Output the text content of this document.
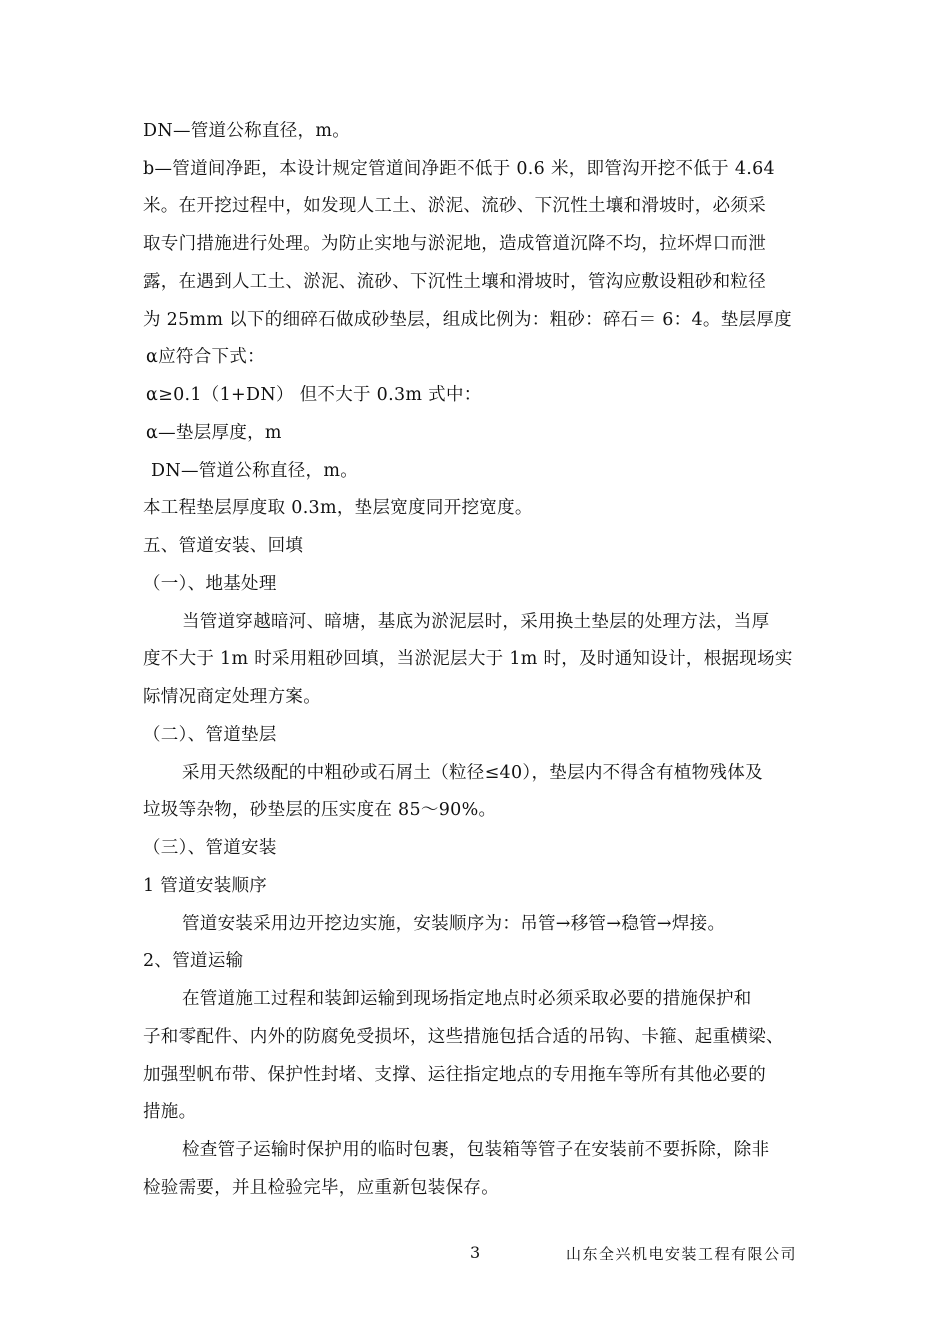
DN—管道公称直径，m。
b—管道间净距，本设计规定管道间净距不低于 0.6 米，即管沟开挖不低于 4.64
米。在开挖过程中，如发现人工土、淤泥、流砂、下沉性土壤和滑坡时，必须采
取专门措施进行处理。为防止实地与淤泥地，造成管道沉降不均，拉坏焊口而泄
露，在遇到人工土、淤泥、流砂、下沉性土壤和滑坡时，管沟应敷设粗砂和粒径
为 25mm 以下的细碎石做成砂垫层，组成比例为：粗砂：碎石＝ 6：4。垫层厚度
α应符合下式：
α≥0.1（1+DN） 但不大于 0.3m 式中：
α—垫层厚度，m
DN—管道公称直径，m。
本工程垫层厚度取 0.3m，垫层宽度同开挖宽度。
五、管道安装、回填
（一）、地基处理
当管道穿越暗河、暗塘，基底为淤泥层时，采用换土垫层的处理方法，当厚
度不大于 1m 时采用粗砂回填，当淤泥层大于 1m 时，及时通知设计，根据现场实
际情况商定处理方案。
（二）、管道垫层
采用天然级配的中粗砂或石屑土（粒径≤40），垫层内不得含有植物残体及
垃圾等杂物，砂垫层的压实度在 85～90%。
（三）、管道安装
1 管道安装顺序
管道安装采用边开挖边实施，安装顺序为：吊管→移管→稳管→焊接。
2、管道运输
在管道施工过程和装卸运输到现场指定地点时必须采取必要的措施保护和
子和零配件、内外的防腐免受损坏，这些措施包括合适的吊钩、卡箍、起重横梁、
加强型帆布带、保护性封堵、支撑、运往指定地点的专用拖车等所有其他必要的
措施。
检查管子运输时保护用的临时包裹，包装箱等管子在安装前不要拆除，除非
检验需要，并且检验完毕，应重新包装保存。
3	山东全兴机电安装工程有限公司
